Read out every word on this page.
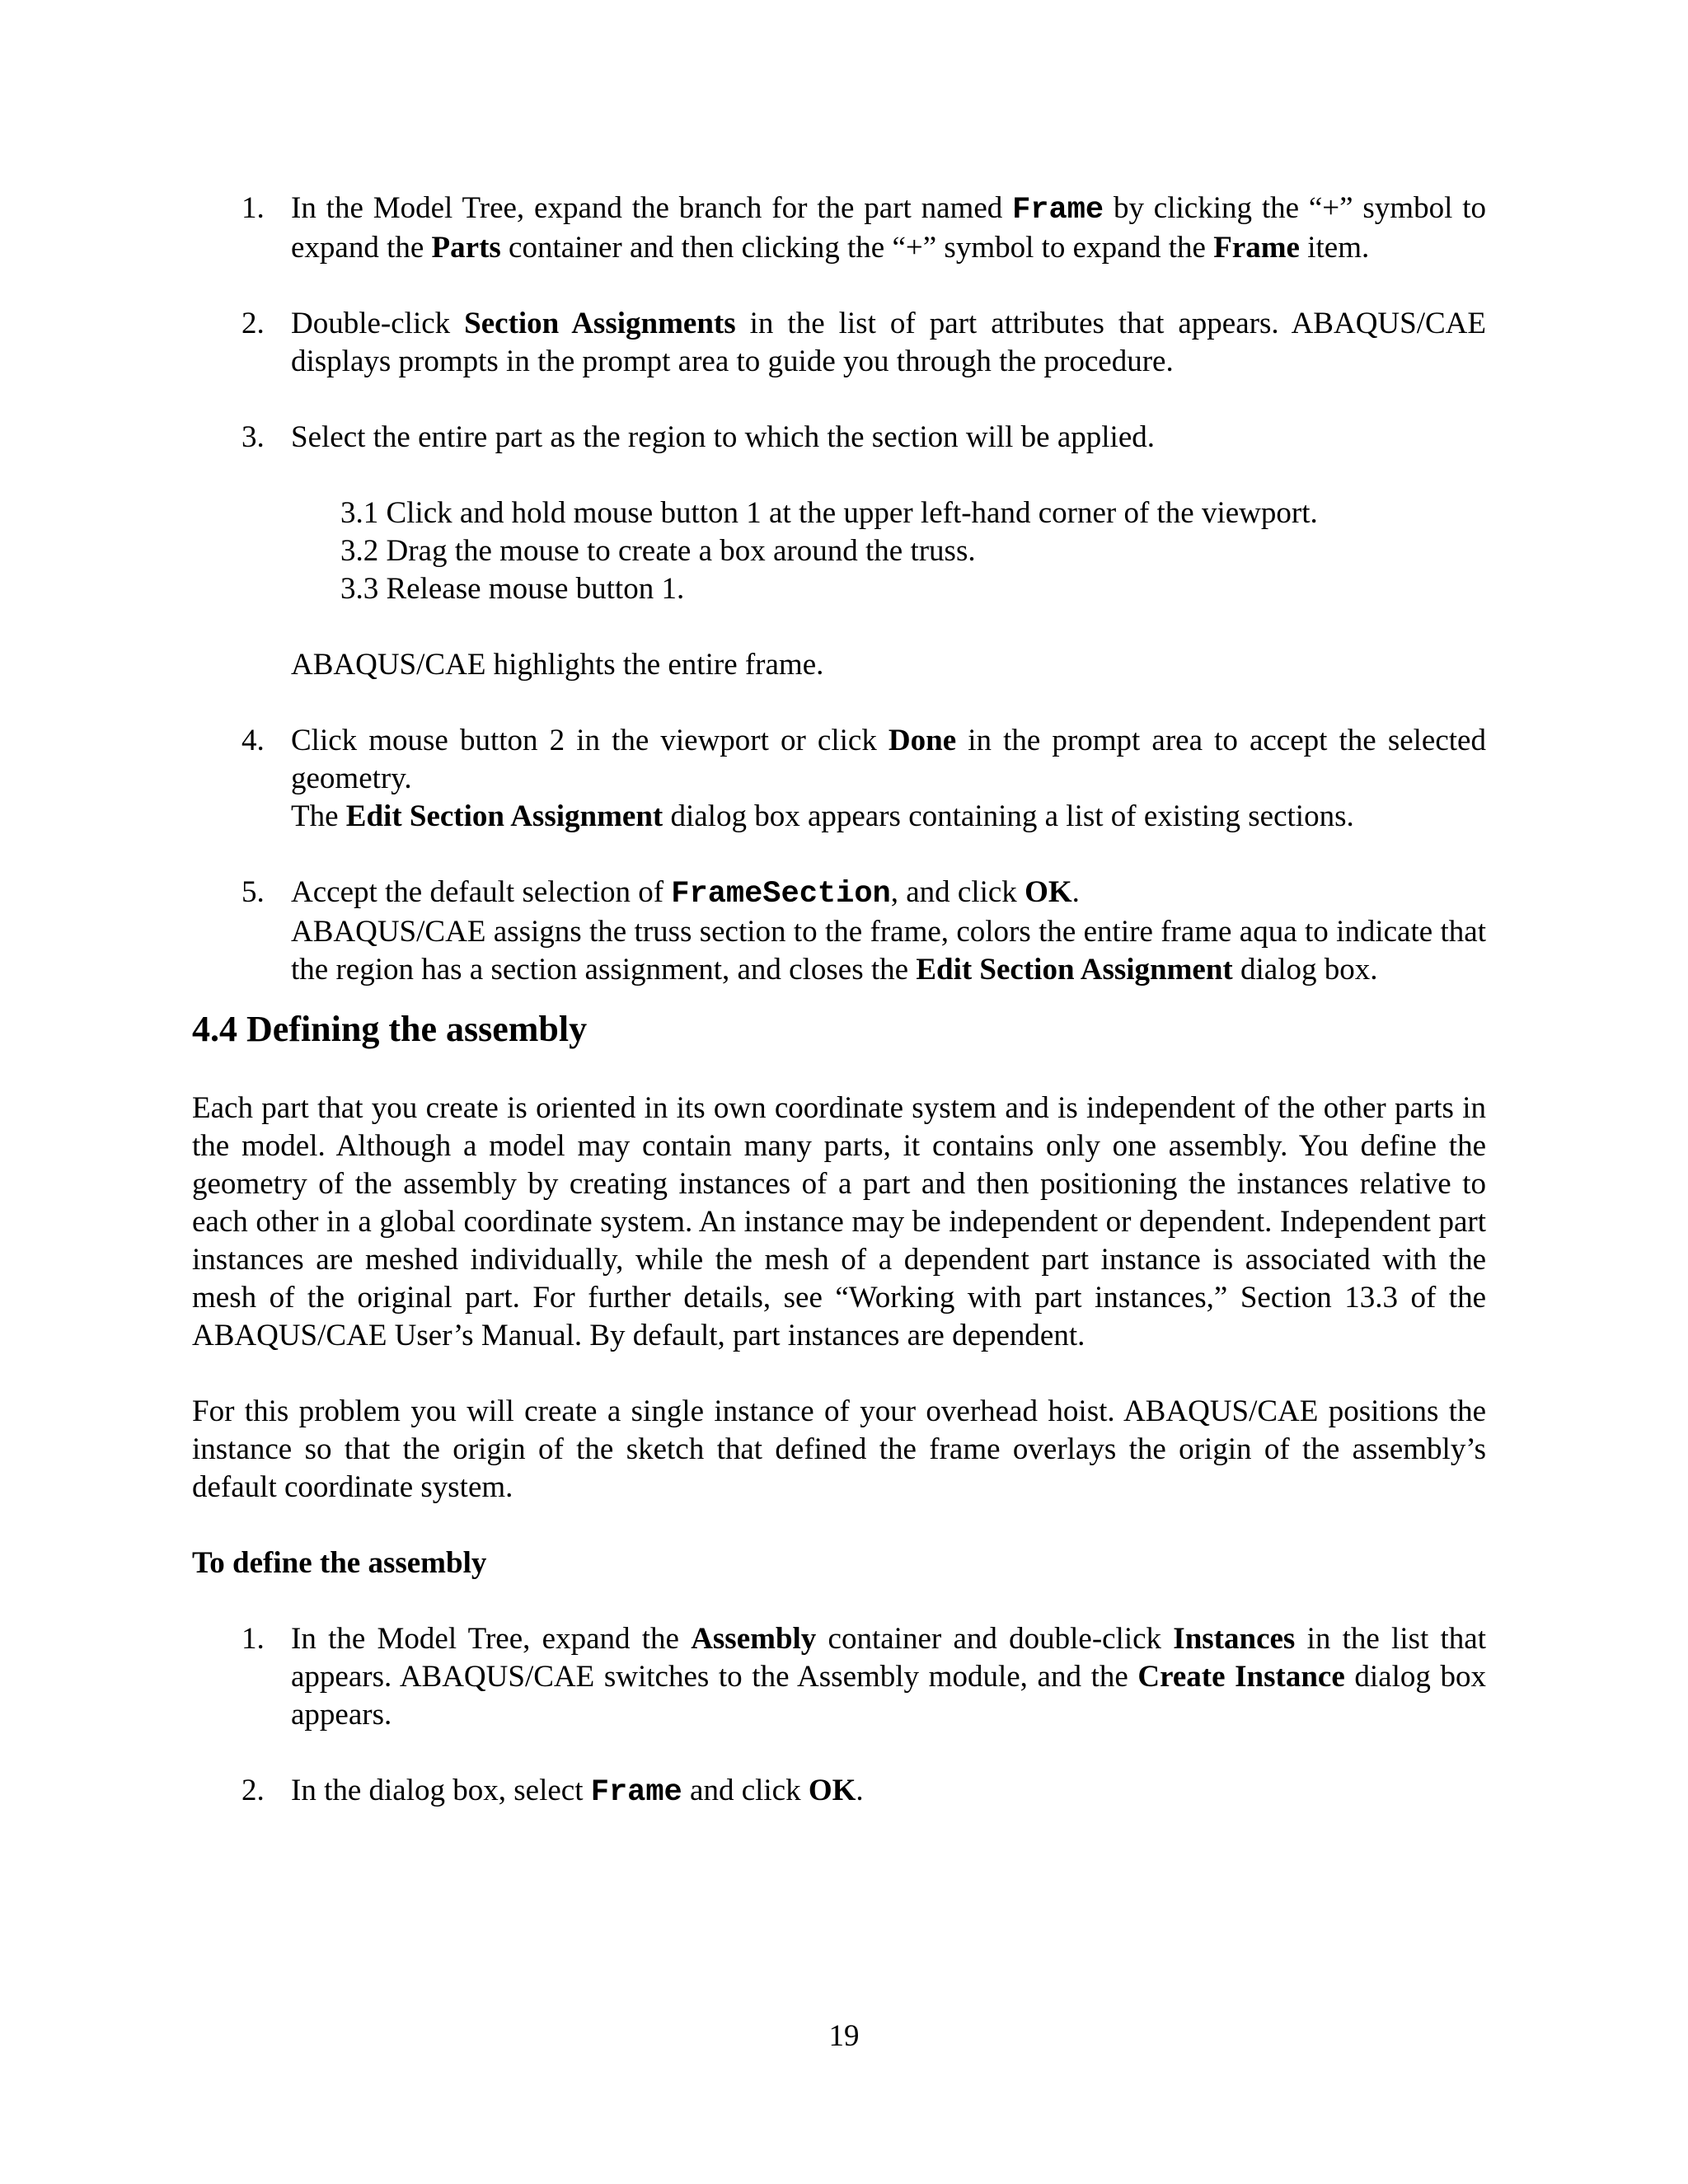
1. In the Model Tree, expand the branch for the part named Frame by clicking the “+” symbol to expand the Parts container and then clicking the “+” symbol to expand the Frame item.

2. Double-click Section Assignments in the list of part attributes that appears. ABAQUS/CAE displays prompts in the prompt area to guide you through the procedure.

3. Select the entire part as the region to which the section will be applied.

3.1 Click and hold mouse button 1 at the upper left-hand corner of the viewport.
3.2 Drag the mouse to create a box around the truss.
3.3 Release mouse button 1.

ABAQUS/CAE highlights the entire frame.

4. Click mouse button 2 in the viewport or click Done in the prompt area to accept the selected geometry.

The Edit Section Assignment dialog box appears containing a list of existing sections.

5. Accept the default selection of FrameSection, and click OK.

ABAQUS/CAE assigns the truss section to the frame, colors the entire frame aqua to indicate that the region has a section assignment, and closes the Edit Section Assignment dialog box.

4.4 Defining the assembly

Each part that you create is oriented in its own coordinate system and is independent of the other parts in the model. Although a model may contain many parts, it contains only one assembly. You define the geometry of the assembly by creating instances of a part and then positioning the instances relative to each other in a global coordinate system. An instance may be independent or dependent. Independent part instances are meshed individually, while the mesh of a dependent part instance is associated with the mesh of the original part. For further details, see “Working with part instances,” Section 13.3 of the ABAQUS/CAE User’s Manual. By default, part instances are dependent.

For this problem you will create a single instance of your overhead hoist. ABAQUS/CAE positions the instance so that the origin of the sketch that defined the frame overlays the origin of the assembly’s default coordinate system.

To define the assembly
1. In the Model Tree, expand the Assembly container and double-click Instances in the list that appears. ABAQUS/CAE switches to the Assembly module, and the Create Instance dialog box appears.

2. In the dialog box, select Frame and click OK.

19
